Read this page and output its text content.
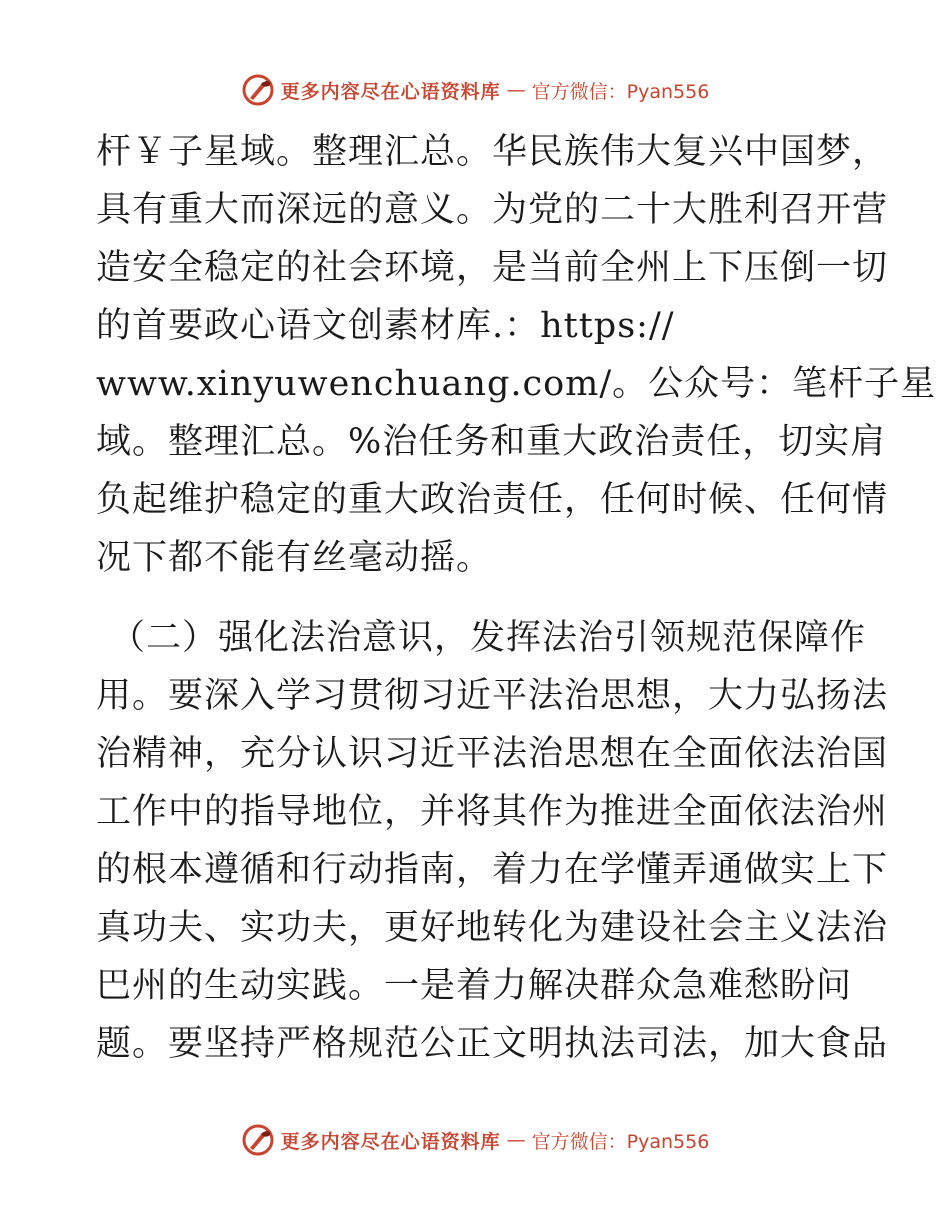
更多内容尽在心语资料库 — 官方微信：Pyan556
杆￥子星域。整理汇总。华民族伟大复兴中国梦，
具有重大而深远的意义。为党的二十大胜利召开营
造安全稳定的社会环境，是当前全州上下压倒一切
的首要政心语文创素材库.：https://
www.xinyuwenchuang.com/。公众号：笔杆子星
域。整理汇总。%治任务和重大政治责任，切实肩
负起维护稳定的重大政治责任，任何时候、任何情
况下都不能有丝毫动摇。
（二）强化法治意识，发挥法治引领规范保障作
用。要深入学习贯彻习近平法治思想，大力弘扬法
治精神，充分认识习近平法治思想在全面依法治国
工作中的指导地位，并将其作为推进全面依法治州
的根本遵循和行动指南，着力在学懂弄通做实上下
真功夫、实功夫，更好地转化为建设社会主义法治
巴州的生动实践。一是着力解决群众急难愁盼问
题。要坚持严格规范公正文明执法司法，加大食品
更多内容尽在心语资料库 — 官方微信：Pyan556
